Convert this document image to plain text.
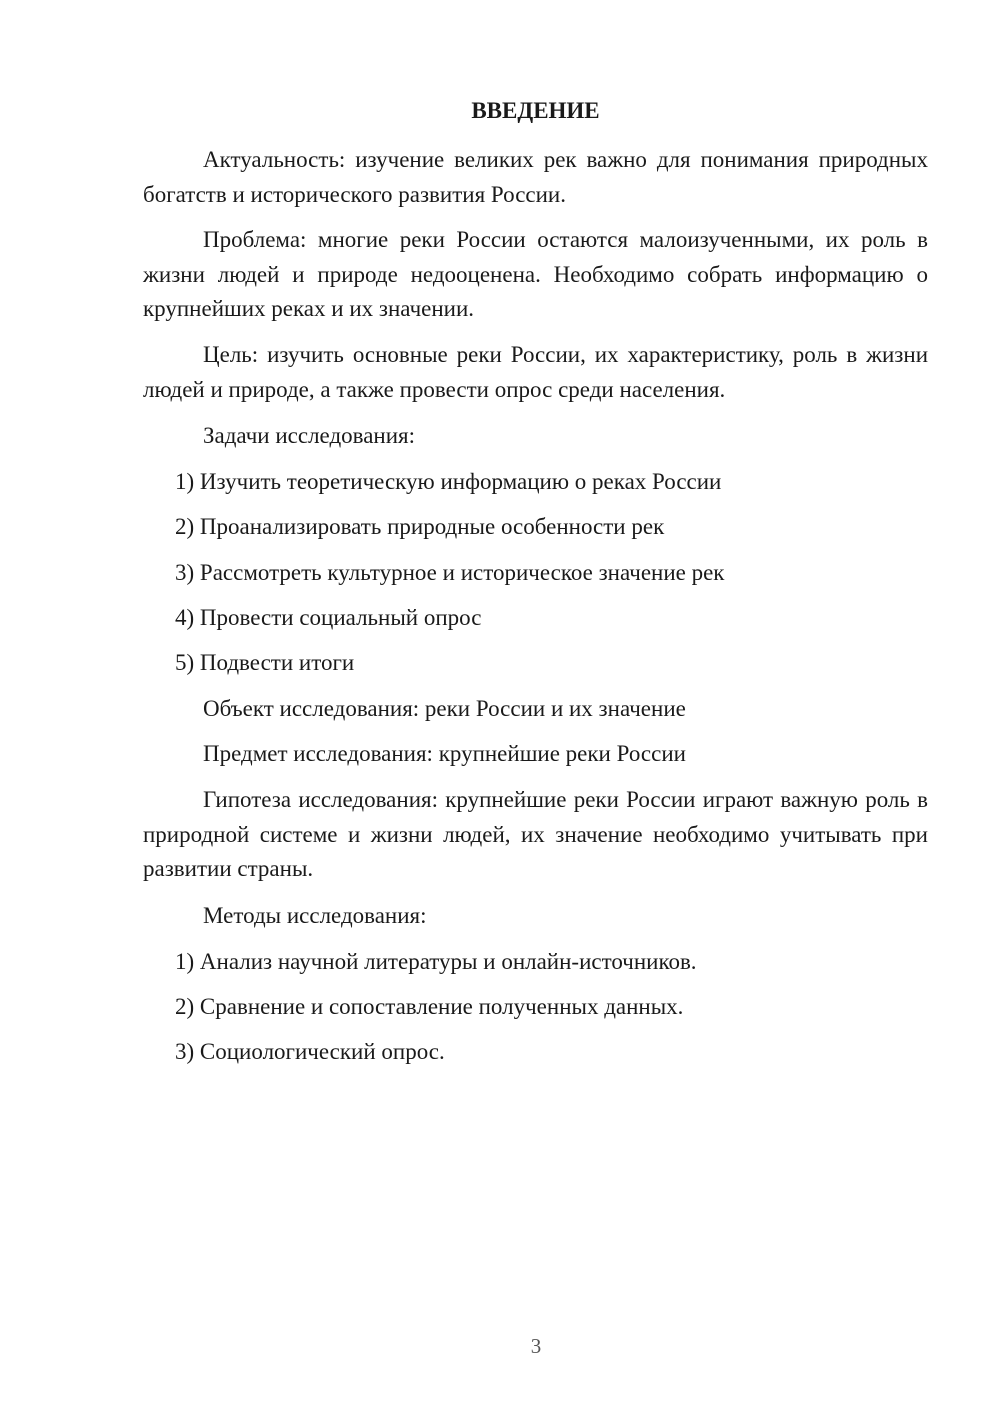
ВВЕДЕНИЕ

Актуальность: изучение великих рек важно для понимания природных богатств и исторического развития России.

Проблема: многие реки России остаются малоизученными, их роль в жизни людей и природе недооценена. Необходимо собрать информацию о крупнейших реках и их значении.

Цель: изучить основные реки России, их характеристику, роль в жизни людей и природе, а также провести опрос среди населения.

Задачи исследования:

1) Изучить теоретическую информацию о реках России

2) Проанализировать природные особенности рек

3) Рассмотреть культурное и историческое значение рек

4) Провести социальный опрос

5) Подвести итоги

Объект исследования: реки России и их значение

Предмет исследования: крупнейшие реки России

Гипотеза исследования: крупнейшие реки России играют важную роль в природной системе и жизни людей, их значение необходимо учитывать при развитии страны.

Методы исследования:

1) Анализ научной литературы и онлайн-источников.

2) Сравнение и сопоставление полученных данных.

3) Социологический опрос.

3
